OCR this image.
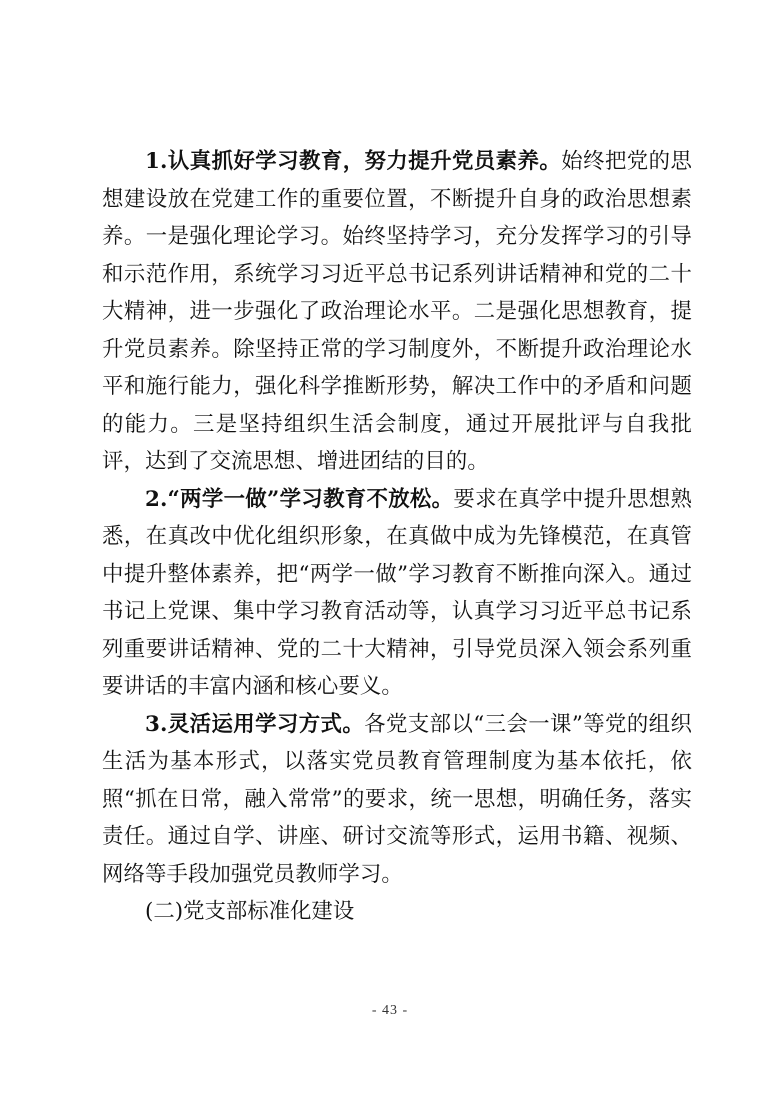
1.认真抓好学习教育，努力提升党员素养。始终把党的思想建设放在党建工作的重要位置，不断提升自身的政治思想素养。一是强化理论学习。始终坚持学习，充分发挥学习的引导和示范作用，系统学习习近平总书记系列讲话精神和党的二十大精神，进一步强化了政治理论水平。二是强化思想教育，提升党员素养。除坚持正常的学习制度外，不断提升政治理论水平和施行能力，强化科学推断形势，解决工作中的矛盾和问题的能力。三是坚持组织生活会制度，通过开展批评与自我批评，达到了交流思想、增进团结的目的。

2.“两学一做”学习教育不放松。要求在真学中提升思想熟悉，在真改中优化组织形象，在真做中成为先锋模范，在真管中提升整体素养，把“两学一做”学习教育不断推向深入。通过书记上党课、集中学习教育活动等，认真学习习近平总书记系列重要讲话精神、党的二十大精神，引导党员深入领会系列重要讲话的丰富内涵和核心要义。

3.灵活运用学习方式。各党支部以“三会一课”等党的组织生活为基本形式，以落实党员教育管理制度为基本依托，依照“抓在日常，融入常常”的要求，统一思想，明确任务，落实责任。通过自学、讲座、研讨交流等形式，运用书籍、视频、网络等手段加强党员教师学习。

(二)党支部标准化建设

- 43 -
